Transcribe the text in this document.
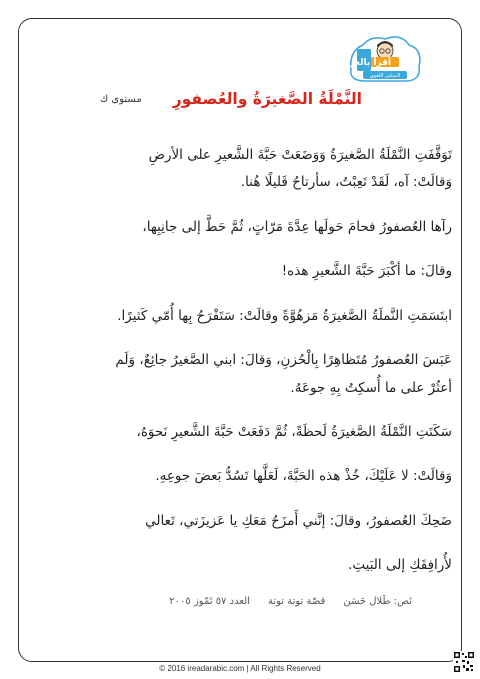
أقرأ بالعربية
التمكين اللغوي
النَّمْلَةُ الصَّغيرَةُ والعُصفورِ
مستوى ك
تَوَقَّفَتِ النَّمْلَةُ الصَّغيرَةُ وَوَضَعَتْ حَبَّةَ الشَّعيرِ على الأرضِ
وَقالَتْ: آه، لَقَدْ تَعِبْتُ، سأرتاحُ قَليلًا هُنا.
رآها العُصفورُ فحامَ حَولَها عِدَّةَ مَرّاتٍ، ثُمَّ حَطَّ إلى جانِبِها،
وقالَ: ما أكْبَرَ حَبَّةَ الشَّعيرِ هذه!
ابتَسَمَتِ النَّملَةُ الصَّغيرَةُ مَزهُوَّةً وقالَتْ: سَتَفْرَحُ بِها أُمّي كَثيرًا.
عَبَسَ العُصفورُ مُتَظاهِرًا بِالْحُزنِ، وَقالَ: ابني الصَّغيرُ جائِعٌ، وَلَم
أعثُرْ على ما أُسكِتُ بِهِ جوعَهُ.
سَكَتَتِ النَّمْلَةُ الصَّغيرَةُ لَحظَةً، ثُمَّ دَفَعَتْ حَبَّةَ الشَّعيرِ نَحوَهُ،
وَقالَتْ: لا عَلَيْكَ، خُذْ هذه الحَبَّةَ، لَعَلَّها تَسُدُّ بَعضَ جوعِهِ.
ضَحِكَ العُصفورُ، وقالَ: إنَّني أَمزَحُ مَعَكِ يا عَزيزَتي، تَعالي
لأُرافِقَكِ إلى البَيتِ.
نَص: طَلال حَسَن
قصّة توتة توتة
العدد ٥٧ تَمّوز ٢٠٠٥
© 2016 ireadarabic.com | All Rights Reserved
